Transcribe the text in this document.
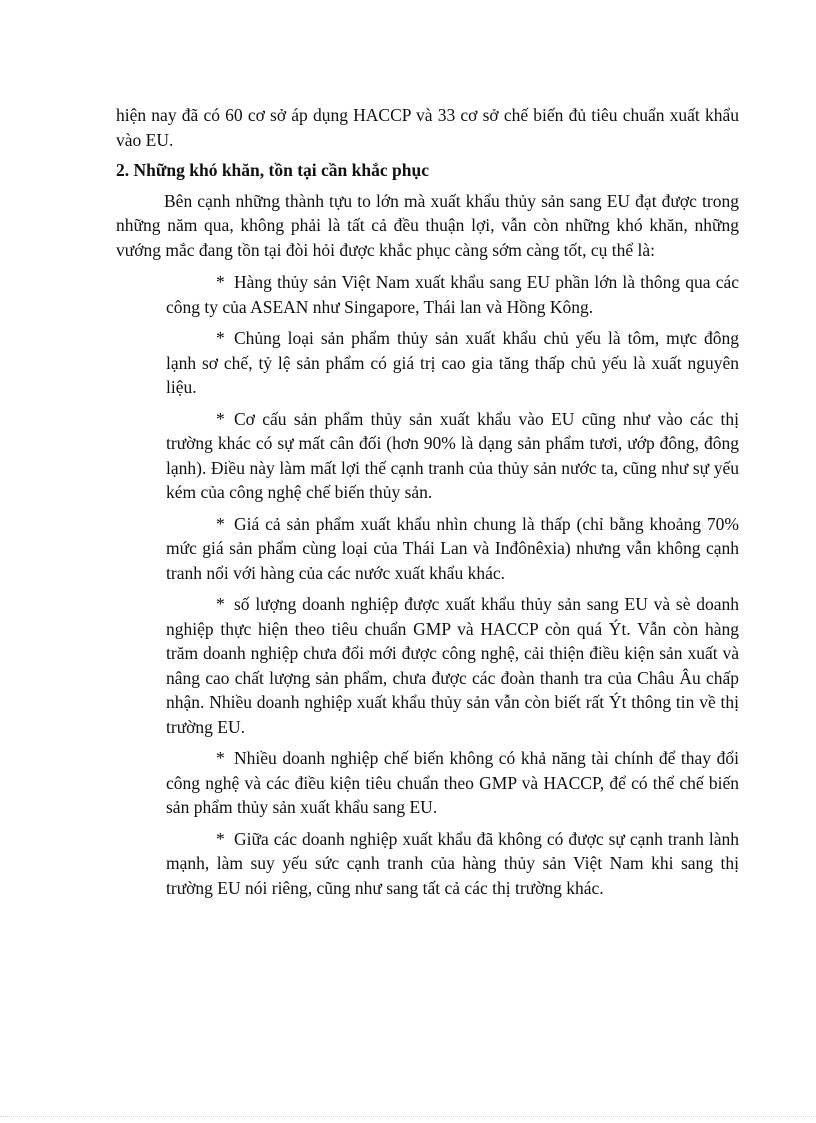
hiện nay đã có 60 cơ sở áp dụng HACCP và 33 cơ sở chế biến đủ tiêu chuẩn xuất khẩu vào EU.

2. Những khó khăn, tồn tại cần khắc phục

Bên cạnh những thành tựu to lớn mà xuất khẩu thủy sản sang EU đạt được trong những năm qua, không phải là tất cả đều thuận lợi, vẫn còn những khó khăn, những vướng mắc đang tồn tại đòi hỏi được khắc phục càng sớm càng tốt, cụ thể là:

* Hàng thủy sản Việt Nam xuất khẩu sang EU phần lớn là thông qua các công ty của ASEAN như Singapore, Thái lan và Hồng Kông.

* Chủng loại sản phẩm thủy sản xuất khẩu chủ yếu là tôm, mực đông lạnh sơ chế, tỷ lệ sản phẩm có giá trị cao gia tăng thấp chủ yếu là xuất nguyên liệu.

* Cơ cấu sản phẩm thủy sản xuất khẩu vào EU cũng như vào các thị trường khác có sự mất cân đối (hơn 90% là dạng sản phẩm tươi, ướp đông, đông lạnh). Điều này làm mất lợi thế cạnh tranh của thủy sản nước ta, cũng như sự yếu kém của công nghệ chế biến thủy sản.

* Giá cả sản phẩm xuất khẩu nhìn chung là thấp (chỉ bằng khoảng 70% mức giá sản phẩm cùng loại của Thái Lan và Inđônêxia) nhưng vẫn không cạnh tranh nổi với hàng của các nước xuất khẩu khác.

* số lượng doanh nghiệp được xuất khẩu thủy sản sang EU và sè doanh nghiệp thực hiện theo tiêu chuẩn GMP và HACCP còn quá Ýt. Vẫn còn hàng trăm doanh nghiệp chưa đổi mới được công nghệ, cải thiện điều kiện sản xuất và nâng cao chất lượng sản phẩm, chưa được các đoàn thanh tra của Châu Âu chấp nhận. Nhiều doanh nghiệp xuất khẩu thủy sản vẫn còn biết rất Ýt thông tin về thị trường EU.

* Nhiều doanh nghiệp chế biến không có khả năng tài chính để thay đổi công nghệ và các điều kiện tiêu chuẩn theo GMP và HACCP, để có thể chế biến sản phẩm thủy sản xuất khẩu sang EU.

* Giữa các doanh nghiệp xuất khẩu đã không có được sự cạnh tranh lành mạnh, làm suy yếu sức cạnh tranh của hàng thủy sản Việt Nam khi sang thị trường EU nói riêng, cũng như sang tất cả các thị trường khác.
